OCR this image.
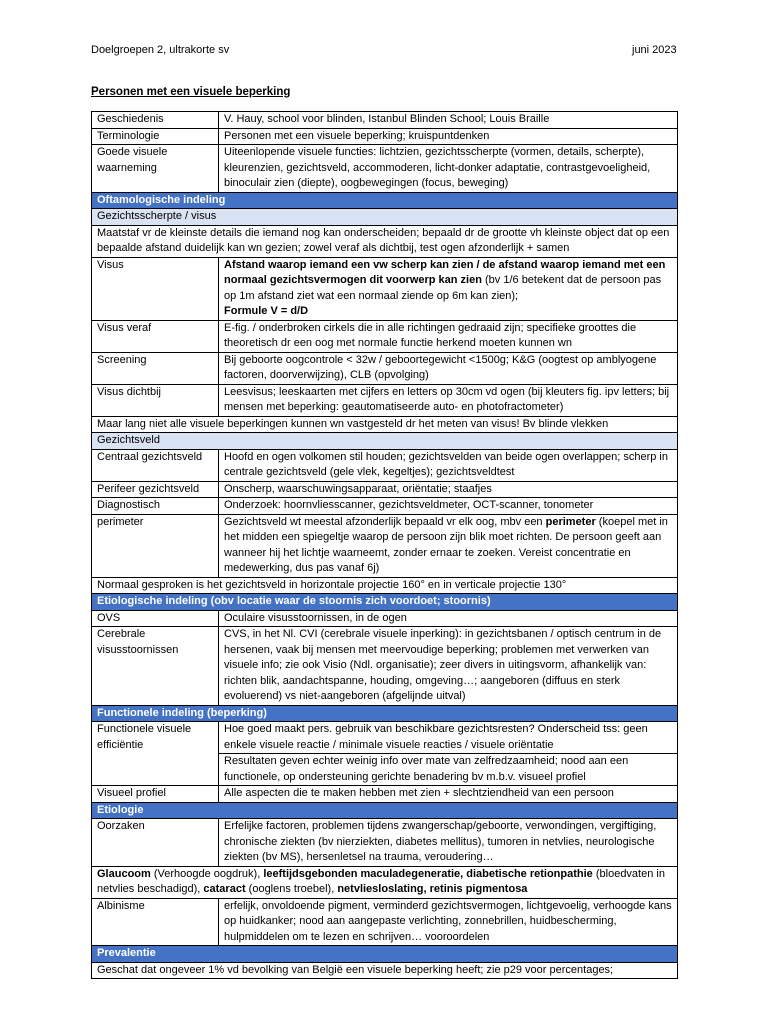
Doelgroepen 2, ultrakorte sv	juni 2023
Personen met een visuele beperking
Geschiedenis	V. Hauy, school voor blinden, Istanbul Blinden School; Louis Braille
Terminologie	Personen met een visuele beperking; kruispuntdenken
Goede visuele waarneming	Uiteenlopende visuele functies: lichtzien, gezichtsscherpte (vormen, details, scherpte), kleurenzien, gezichtsveld, accommoderen, licht-donker adaptatie, contrastgevoeligheid, binoculair zien (diepte), oogbewegingen (focus, beweging)
Oftamologische indeling	
Gezichtsscherpte / visus	
Maatstaf vr de kleinste details die iemand nog kan onderscheiden; bepaald dr de grootte vh kleinste object dat op een bepaalde afstand duidelijk kan wn gezien; zowel veraf als dichtbij, test ogen afzonderlijk + samen	
Visus	Afstand waarop iemand een vw scherp kan zien / de afstand waarop iemand met een normaal gezichtsvermogen dit voorwerp kan zien (bv 1/6 betekent dat de persoon pas op 1m afstand ziet wat een normaal ziende op 6m kan zien);
Formule V = d/D
Visus veraf	E-fig. / onderbroken cirkels die in alle richtingen gedraaid zijn; specifieke groottes die theoretisch dr een oog met normale functie herkend moeten kunnen wn
Screening	Bij geboorte oogcontrole < 32w / geboortegewicht <1500g; K&G (oogtest op amblyogene factoren, doorverwijzing), CLB (opvolging)
Visus dichtbij	Leesvisus; leeskaarten met cijfers en letters op 30cm vd ogen (bij kleuters fig. ipv letters; bij mensen met beperking: geautomatiseerde auto- en photofractometer)
Maar lang niet alle visuele beperkingen kunnen wn vastgesteld dr het meten van visus! Bv blinde vlekken	
Gezichtsveld	
Centraal gezichtsveld	Hoofd en ogen volkomen stil houden; gezichtsvelden van beide ogen overlappen; scherp in centrale gezichtsveld (gele vlek, kegeltjes); gezichtsveldtest
Perifeer gezichtsveld	Onscherp, waarschuwingsapparaat, oriëntatie; staafjes
Diagnostisch	Onderzoek: hoornvliesscanner, gezichtsveldmeter, OCT-scanner, tonometer
perimeter	Gezichtsveld wt meestal afzonderlijk bepaald vr elk oog, mbv een perimeter (koepel met in het midden een spiegeltje waarop de persoon zijn blik moet richten. De persoon geeft aan wanneer hij het lichtje waarneemt, zonder ernaar te zoeken. Vereist concentratie en medewerking, dus pas vanaf 6j)
Normaal gesproken is het gezichtsveld in horizontale projectie 160° en in verticale projectie 130°	
Etiologische indeling (obv locatie waar de stoornis zich voordoet; stoornis)	
OVS	Oculaire visusstoornissen, in de ogen
Cerebrale visusstoornissen	CVS, in het Nl. CVI (cerebrale visuele inperking): in gezichtsbanen / optisch centrum in de hersenen, vaak bij mensen met meervoudige beperking; problemen met verwerken van visuele info; zie ook Visio (Ndl. organisatie); zeer divers in uitingsvorm, afhankelijk van: richten blik, aandachtspanne, houding, omgeving…; aangeboren (diffuus en sterk evoluerend) vs niet-aangeboren (afgelijnde uitval)
Functionele indeling (beperking)	
Functionele visuele efficiëntie	Hoe goed maakt pers. gebruik van beschikbare gezichtsresten? Onderscheid tss: geen enkele visuele reactie / minimale visuele reacties / visuele oriëntatie
	Resultaten geven echter weinig info over mate van zelfredzaamheid; nood aan een functionele, op ondersteuning gerichte benadering bv m.b.v. visueel profiel
Visueel profiel	Alle aspecten die te maken hebben met zien + slechtziendheid van een persoon
Etiologie	
Oorzaken	Erfelijke factoren, problemen tijdens zwangerschap/geboorte, verwondingen, vergiftiging, chronische ziekten (bv nierziekten, diabetes mellitus), tumoren in netvlies, neurologische ziekten (bv MS), hersenletsel na trauma, veroudering…
Glaucoom (Verhoogde oogdruk), leeftijdsgebonden maculadegeneratie, diabetische retionpathie (bloedvaten in netvlies beschadigd), cataract (ooglens troebel), netvliesloslating, retinis pigmentosa	
Albinisme	erfelijk, onvoldoende pigment, verminderd gezichtsvermogen, lichtgevoelig, verhoogde kans op huidkanker; nood aan aangepaste verlichting, zonnebrillen, huidbescherming, hulpmiddelen om te lezen en schrijven… vooroordelen
Prevalentie	
Geschat dat ongeveer 1% vd bevolking van België een visuele beperking heeft; zie p29 voor percentages;	
